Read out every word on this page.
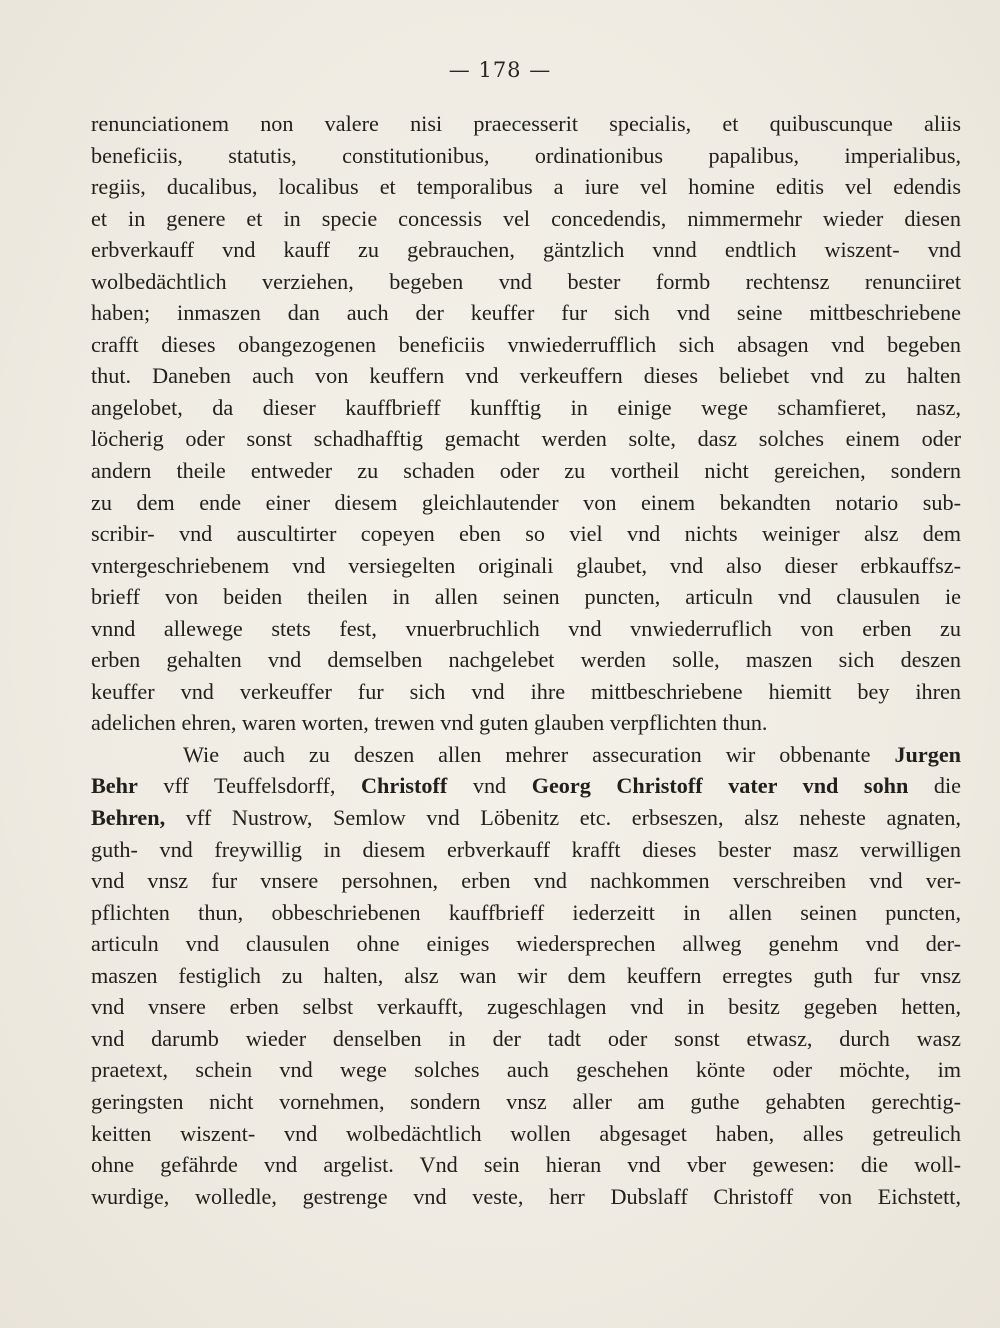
— 178 —
renunciationem non valere nisi praecesserit specialis, et quibuscunque aliis
beneficiis, statutis, constitutionibus, ordinationibus papalibus, imperialibus,
regiis, ducalibus, localibus et temporalibus a iure vel homine editis vel edendis
et in genere et in specie concessis vel concedendis, nimmermehr wieder diesen
erbverkauff vnd kauff zu gebrauchen, gäntzlich vnnd endtlich wiszent- vnd
wolbedächtlich verziehen, begeben vnd bester formb rechtensz renunciiret
haben; inmaszen dan auch der keuffer fur sich vnd seine mittbeschriebene
crafft dieses obangezogenen beneficiis vnwiederrufflich sich absagen vnd begeben
thut. Daneben auch von keuffern vnd verkeuffern dieses beliebet vnd zu halten
angelobet, da dieser kauffbrieff kunfftig in einige wege schamfieret, nasz,
löcherig oder sonst schadhafftig gemacht werden solte, dasz solches einem oder
andern theile entweder zu schaden oder zu vortheil nicht gereichen, sondern
zu dem ende einer diesem gleichlautender von einem bekandten notario sub-
scribir- vnd auscultirter copeyen eben so viel vnd nichts weiniger alsz dem
vntergeschriebenem vnd versiegelten originali glaubet, vnd also dieser erbkauffsz-
brieff von beiden theilen in allen seinen puncten, articuln vnd clausulen ie
vnnd allewege stets fest, vnuerbruchlich vnd vnwiederruflich von erben zu
erben gehalten vnd demselben nachgelebet werden solle, maszen sich deszen
keuffer vnd verkeuffer fur sich vnd ihre mittbeschriebene hiemitt bey ihren
adelichen ehren, waren worten, trewen vnd guten glauben verpflichten thun.
Wie auch zu deszen allen mehrer assecuration wir obbenante Jurgen
Behr vff Teuffelsdorff, Christoff vnd Georg Christoff vater vnd sohn die
Behren, vff Nustrow, Semlow vnd Löbenitz etc. erbseszen, alsz neheste agnaten,
guth- vnd freywillig in diesem erbverkauff krafft dieses bester masz verwilligen
vnd vnsz fur vnsere persohnen, erben vnd nachkommen verschreiben vnd ver-
pflichten thun, obbeschriebenen kauffbrieff iederzeitt in allen seinen puncten,
articuln vnd clausulen ohne einiges wiedersprechen allweg genehm vnd der-
maszen festiglich zu halten, alsz wan wir dem keuffern erregtes guth fur vnsz
vnd vnsere erben selbst verkaufft, zugeschlagen vnd in besitz gegeben hetten,
vnd darumb wieder denselben in der tadt oder sonst etwasz, durch wasz
praetext, schein vnd wege solches auch geschehen könte oder möchte, im
geringsten nicht vornehmen, sondern vnsz aller am guthe gehabten gerechtig-
keitten wiszent- vnd wolbedächtlich wollen abgesaget haben, alles getreulich
ohne gefährde vnd argelist. Vnd sein hieran vnd vber gewesen: die woll-
wurdige, wolledle, gestrenge vnd veste, herr Dubslaff Christoff von Eichstett,
